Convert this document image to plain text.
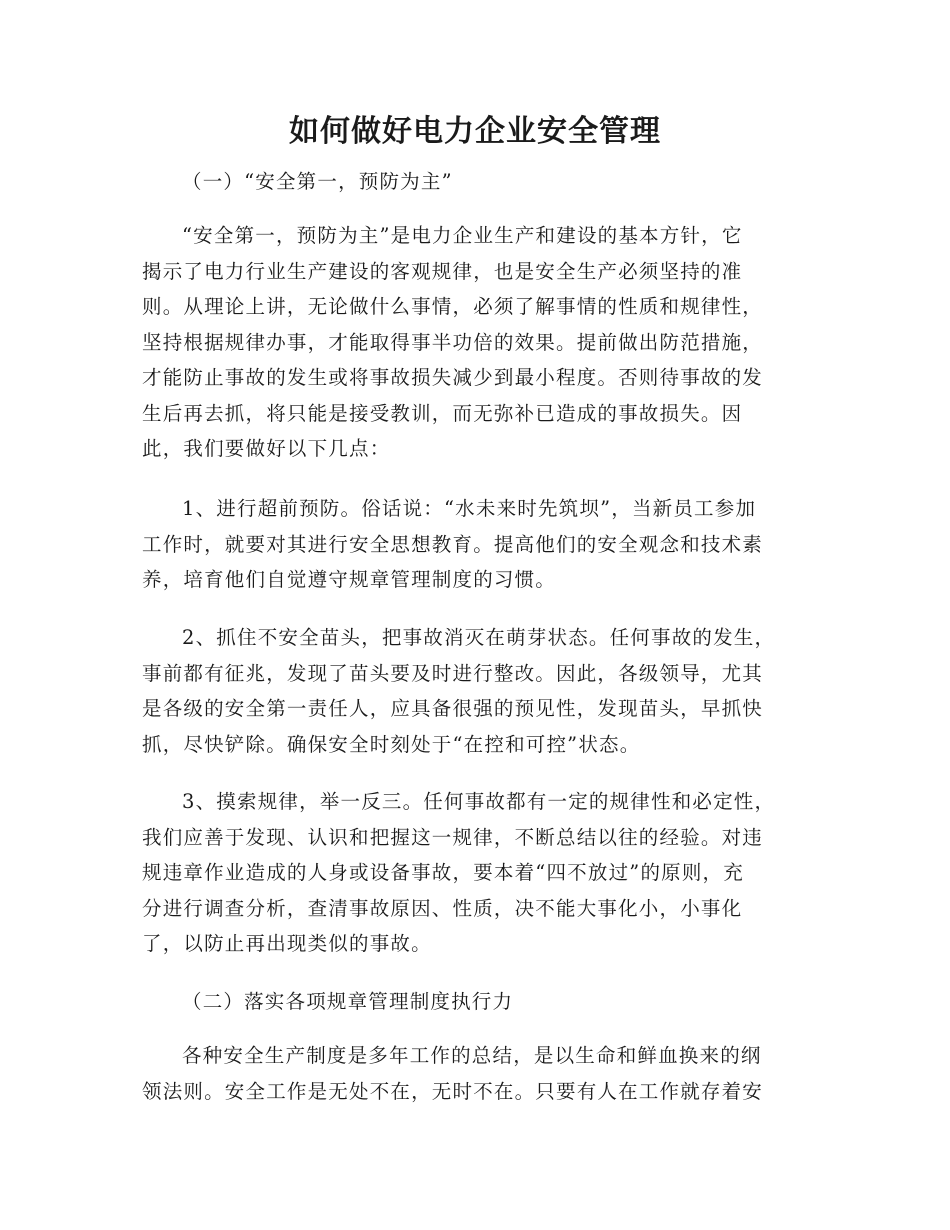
如何做好电力企业安全管理

（一）“安全第一，预防为主”

“安全第一，预防为主”是电力企业生产和建设的基本方针，它
揭示了电力行业生产建设的客观规律，也是安全生产必须坚持的准
则。从理论上讲，无论做什么事情，必须了解事情的性质和规律性，
坚持根据规律办事，才能取得事半功倍的效果。提前做出防范措施，
才能防止事故的发生或将事故损失减少到最小程度。否则待事故的发
生后再去抓，将只能是接受教训，而无弥补已造成的事故损失。因
此，我们要做好以下几点：

1、进行超前预防。俗话说：“水未来时先筑坝”，当新员工参加
工作时，就要对其进行安全思想教育。提高他们的安全观念和技术素
养，培育他们自觉遵守规章管理制度的习惯。

2、抓住不安全苗头，把事故消灭在萌芽状态。任何事故的发生，
事前都有征兆，发现了苗头要及时进行整改。因此，各级领导，尤其
是各级的安全第一责任人，应具备很强的预见性，发现苗头，早抓快
抓，尽快铲除。确保安全时刻处于“在控和可控”状态。

3、摸索规律，举一反三。任何事故都有一定的规律性和必定性，
我们应善于发现、认识和把握这一规律，不断总结以往的经验。对违
规违章作业造成的人身或设备事故，要本着“四不放过”的原则，充
分进行调查分析，查清事故原因、性质，决不能大事化小，小事化
了，以防止再出现类似的事故。

（二）落实各项规章管理制度执行力

各种安全生产制度是多年工作的总结，是以生命和鲜血换来的纲
领法则。安全工作是无处不在，无时不在。只要有人在工作就存着安
